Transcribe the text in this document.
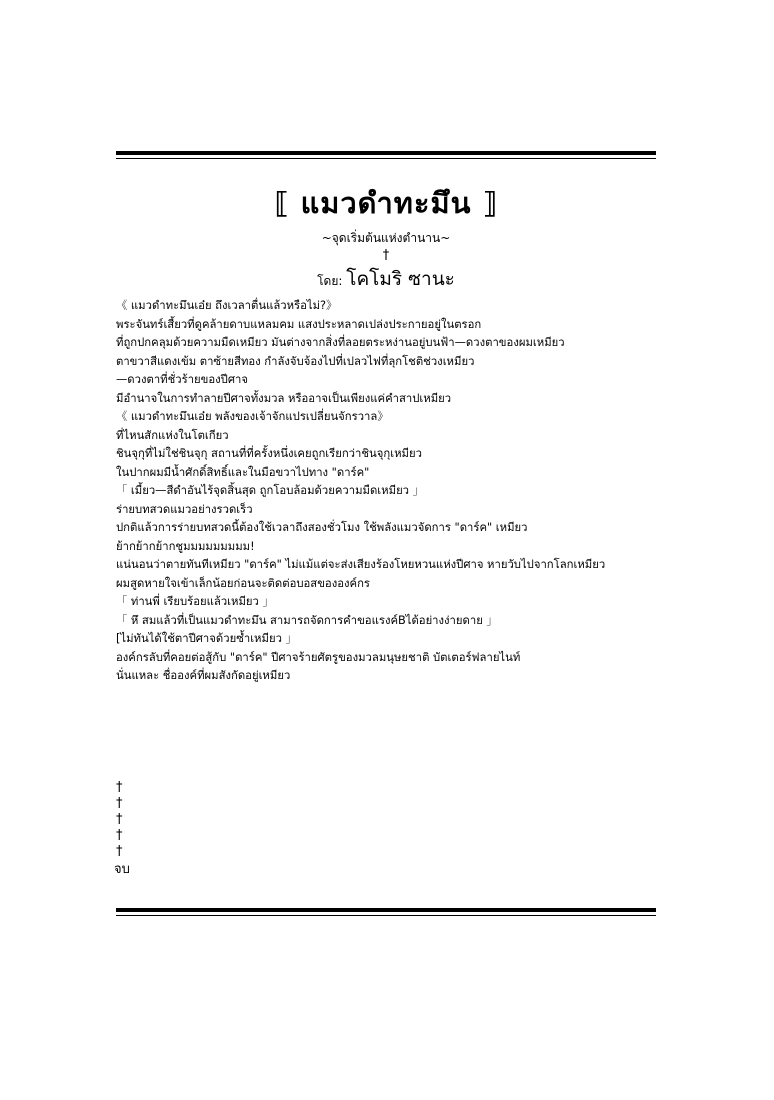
⟦ แมวดำทะมึน ⟧
~จุดเริ่มต้นแห่งตำนาน~
†
โดย: โคโมริ ซานะ
《 แมวดำทะมึนเอ๋ย ถึงเวลาตื่นแล้วหรือไม่?》
พระจันทร์เสี้ยวที่ดูคล้ายดาบแหลมคม แสงประหลาดเปล่งประกายอยู่ในตรอก
ที่ถูกปกคลุมด้วยความมืดเหมียว มันต่างจากสิ่งที่ลอยตระหง่านอยู่บนฟ้า—ดวงตาของผมเหมียว
ตาขวาสีแดงเข้ม ตาซ้ายสีทอง กำลังจับจ้องไปที่เปลวไฟที่ลุกโชติช่วงเหมียว
—ดวงตาที่ชั่วร้ายของปีศาจ
มีอำนาจในการทำลายปีศาจทั้งมวล หรืออาจเป็นเพียงแค่คำสาปเหมียว
《 แมวดำทะมึนเอ๋ย พลังของเจ้าจักแปรเปลี่ยนจักรวาล》
ที่ไหนสักแห่งในโตเกียว
ชินจุกุที่ไม่ใช่ชินจุกุ สถานที่ที่ครั้งหนึ่งเคยถูกเรียกว่าชินจุกุเหมียว
ในปากผมมีน้ำศักดิ์สิทธิ์และในมือขวาไปทาง "ดาร์ค"
「 เมี้ยว—สีดำอันไร้จุดสิ้นสุด ถูกโอบล้อมด้วยความมืดเหมียว 」
ร่ายบทสวดแมวอย่างรวดเร็ว
ปกติแล้วการร่ายบทสวดนี้ต้องใช้เวลาถึงสองชั่วโมง ใช้พลังแมวจัดการ "ดาร์ค" เหมียว
ย้ากย้ากย้ากชูมมมมมมมมม!
แน่นอนว่าตายทันทีเหมียว "ดาร์ค" ไม่แม้แต่จะส่งเสียงร้องโหยหวนแห่งปีศาจ หายวับไปจากโลกเหมียว
ผมสูดหายใจเข้าเล็กน้อยก่อนจะติดต่อบอสขององค์กร
「 ท่านพี่ เรียบร้อยแล้วเหมียว 」
「 หึ สมแล้วที่เป็นแมวดำทะมึน สามารถจัดการคำขอแรงค์Bได้อย่างง่ายดาย 」
[ไม่ทันได้ใช้ตาปีศาจด้วยซ้ำเหมียว 」
องค์กรลับที่คอยต่อสู้กับ "ดาร์ค" ปีศาจร้ายศัตรูของมวลมนุษยชาติ บัตเตอร์ฟลายไนท์
นั่นแหละ ชื่อองค์ที่ผมสังกัดอยู่เหมียว
†
†
†
†
†
จบ
